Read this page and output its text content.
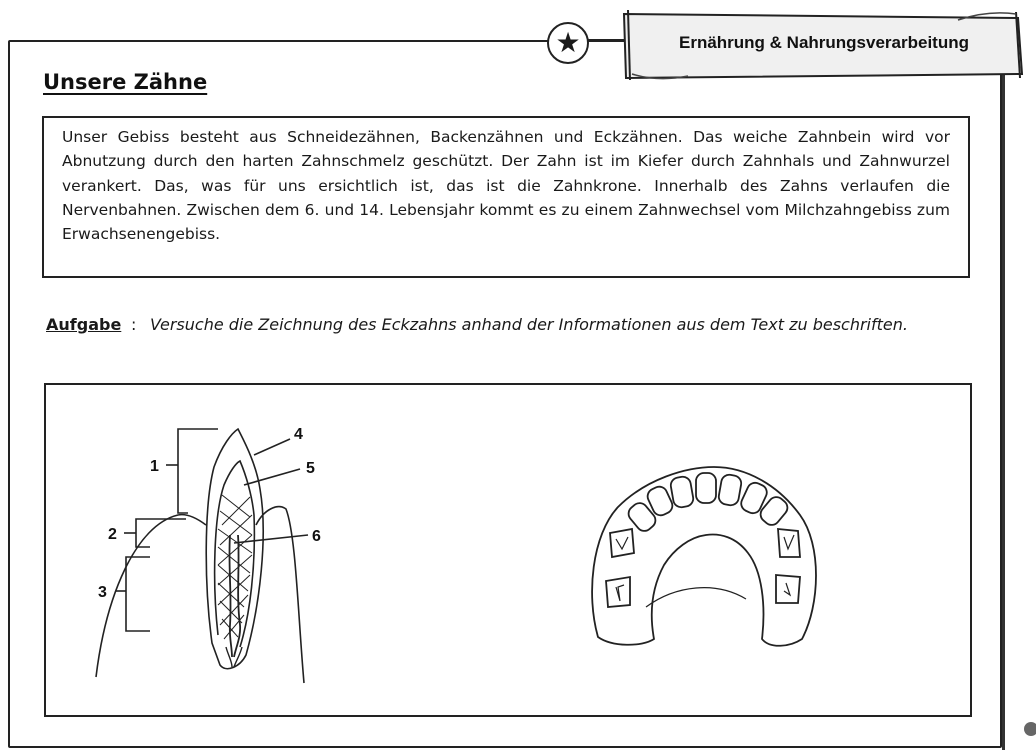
★	Ernährung & Nahrungsverarbeitung
Unsere Zähne

Unser Gebiss besteht aus Schneidezähnen, Backenzähnen und Eckzähnen. Das weiche Zahnbein wird vor Abnutzung durch den harten Zahnschmelz geschützt. Der Zahn ist im Kiefer durch Zahnhals und Zahnwurzel verankert. Das, was für uns ersichtlich ist, das ist die Zahnkrone. Innerhalb des Zahns verlaufen die Nervenbahnen. Zwischen dem 6. und 14. Lebensjahr kommt es zu einem Zahnwechsel vom Milchzahngebiss zum Erwachsenengebiss.

Aufgabe : Versuche die Zeichnung des Eckzahns anhand der Informationen aus dem Text zu beschriften.
1
2
3
4
5
6
